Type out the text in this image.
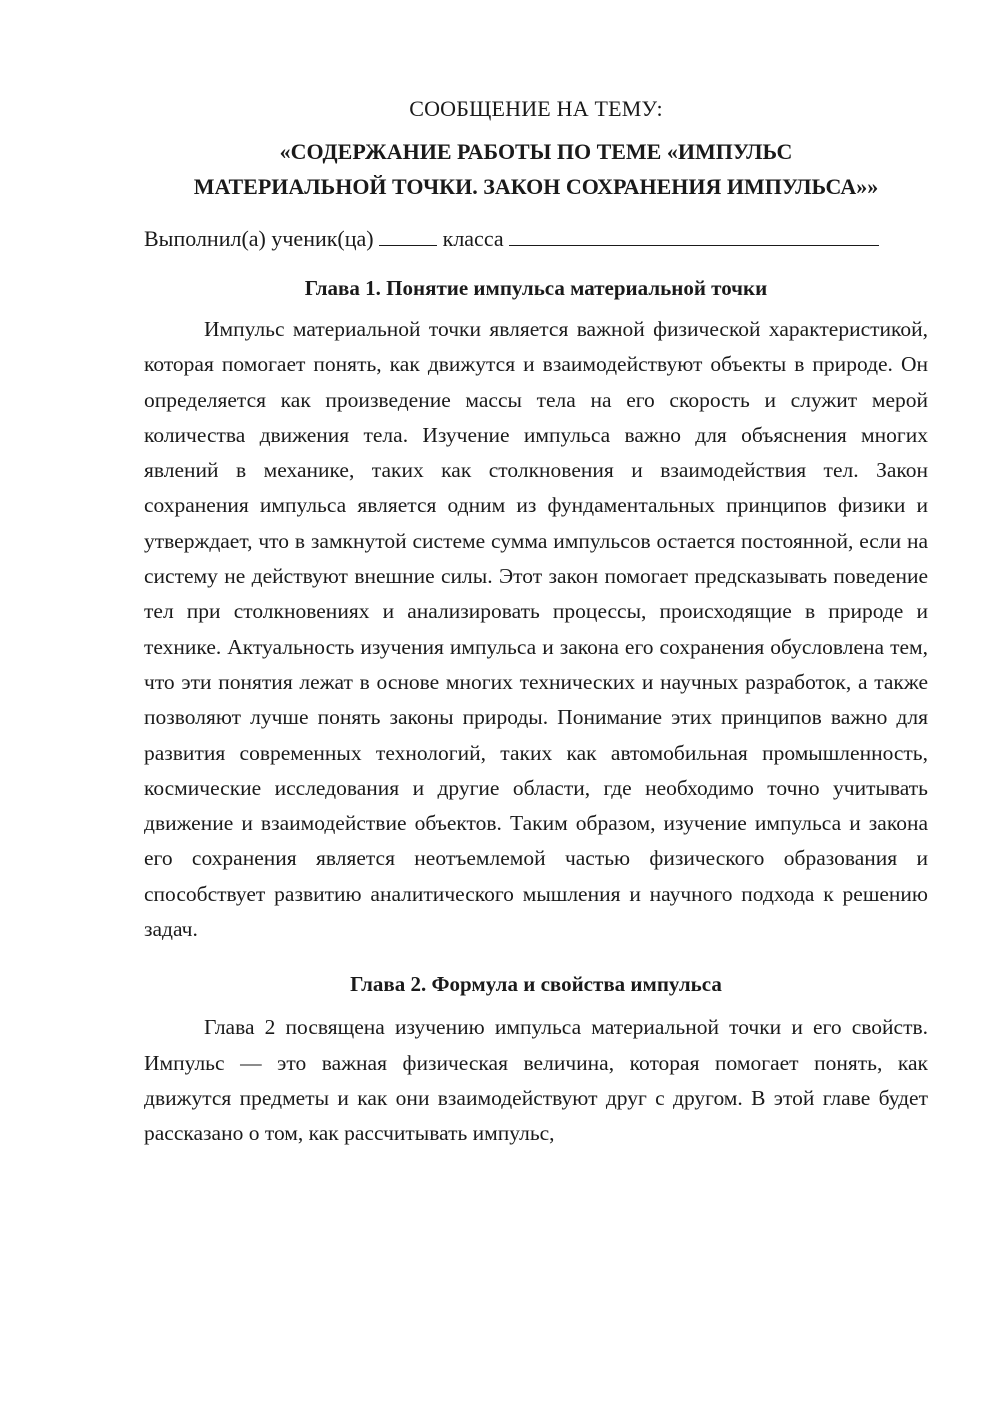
СООБЩЕНИЕ НА ТЕМУ:

«СОДЕРЖАНИЕ РАБОТЫ ПО ТЕМЕ «ИМПУЛЬС

МАТЕРИАЛЬНОЙ ТОЧКИ. ЗАКОН СОХРАНЕНИЯ ИМПУЛЬСА»»

Выполнил(а) ученик(ца)	класса

Глава 1. Понятие импульса материальной точки

Импульс материальной точки является важной физической характеристикой, которая помогает понять, как движутся и взаимодействуют объекты в природе. Он определяется как произведение массы тела на его скорость и служит мерой количества движения тела. Изучение импульса важно для объяснения многих явлений в механике, таких как столкновения и взаимодействия тел. Закон сохранения импульса является одним из фундаментальных принципов физики и утверждает, что в замкнутой системе сумма импульсов остается постоянной, если на систему не действуют внешние силы. Этот закон помогает предсказывать поведение тел при столкновениях и анализировать процессы, происходящие в природе и технике. Актуальность изучения импульса и закона его сохранения обусловлена тем, что эти понятия лежат в основе многих технических и научных разработок, а также позволяют лучше понять законы природы. Понимание этих принципов важно для развития современных технологий, таких как автомобильная промышленность, космические исследования и другие области, где необходимо точно учитывать движение и взаимодействие объектов. Таким образом, изучение импульса и закона его сохранения является неотъемлемой частью физического образования и способствует развитию аналитического мышления и научного подхода к решению задач.

Глава 2. Формула и свойства импульса

Глава 2 посвящена изучению импульса материальной точки и его свойств. Импульс — это важная физическая величина, которая помогает понять, как движутся предметы и как они взаимодействуют друг с другом. В этой главе будет рассказано о том, как рассчитывать импульс,
